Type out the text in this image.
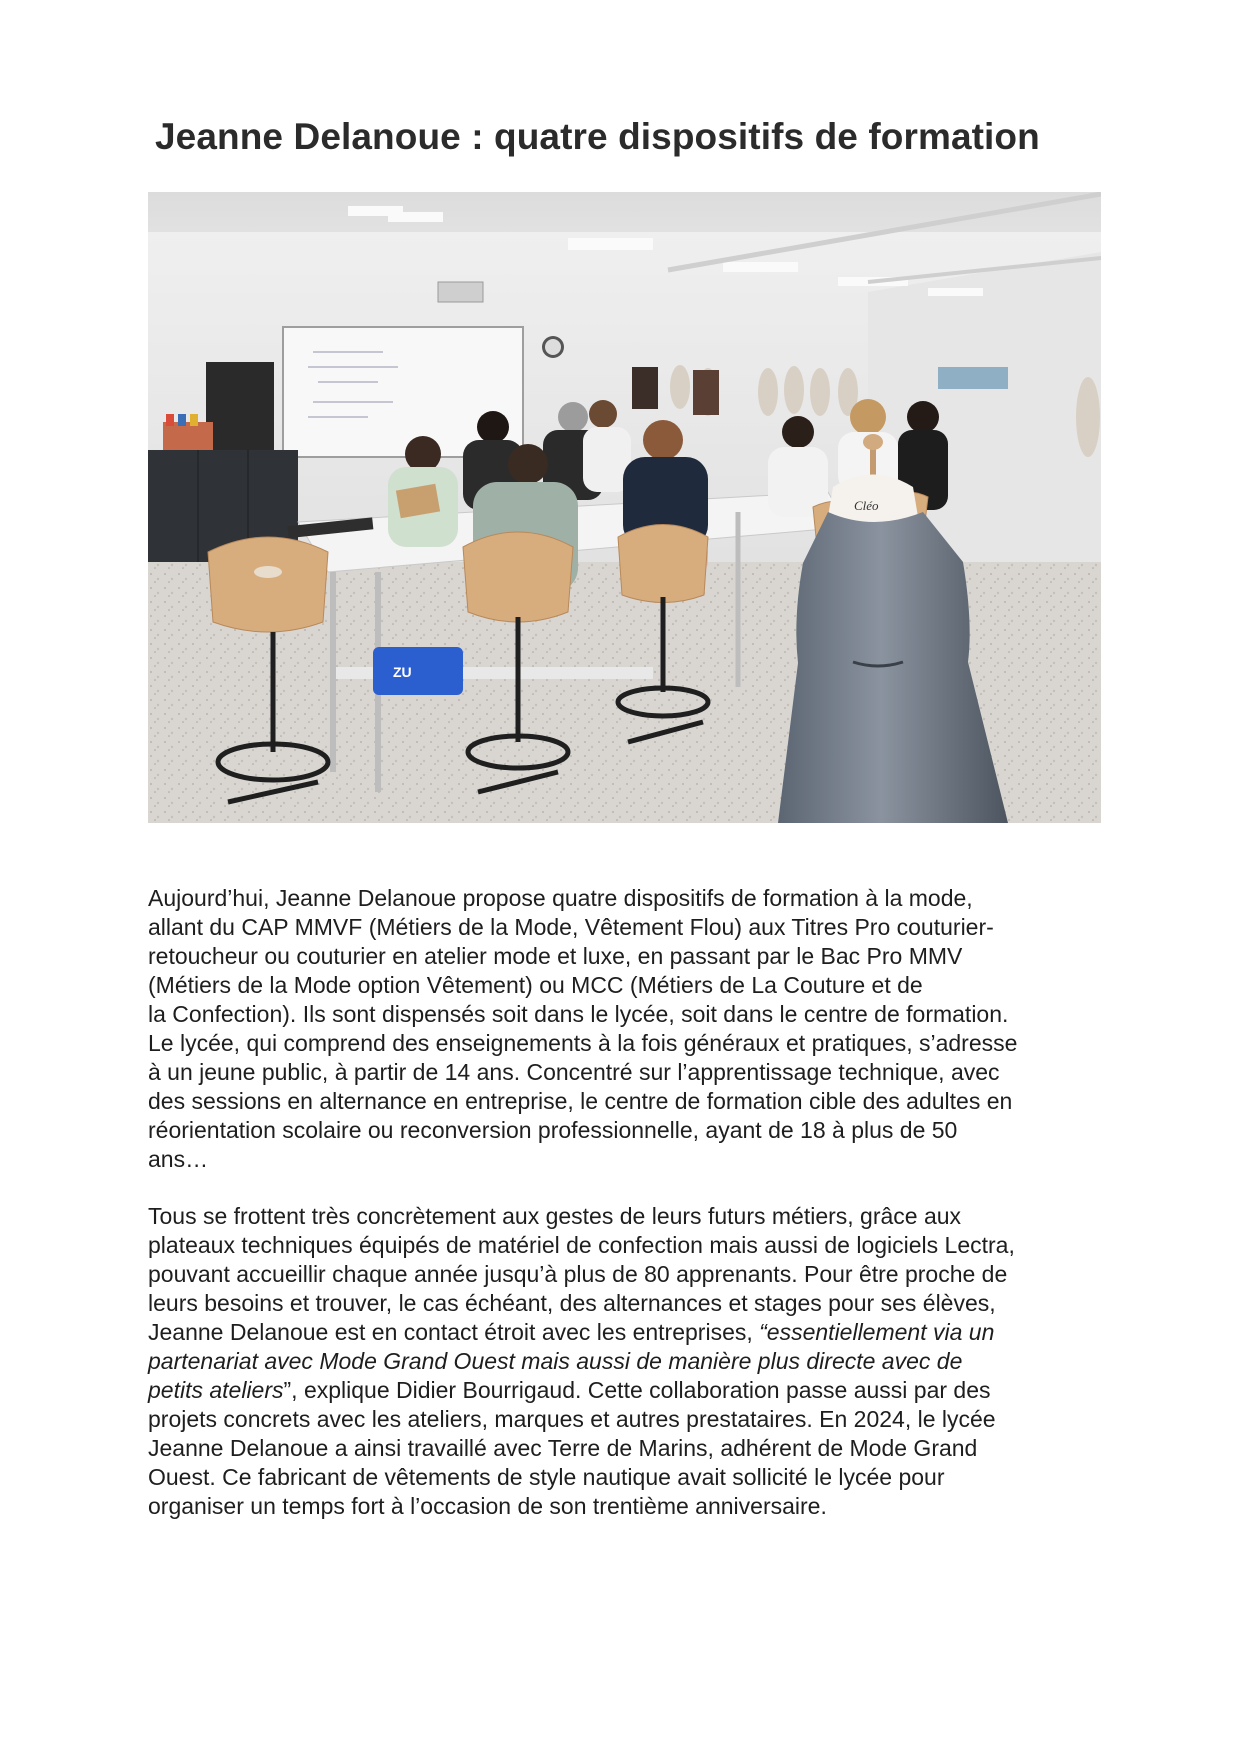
Jeanne Delanoue : quatre dispositifs de formation
ZU
Cléo

Aujourd’hui, Jeanne Delanoue propose quatre dispositifs de formation à la mode,
allant du CAP MMVF (Métiers de la Mode, Vêtement Flou) aux Titres Pro couturier-
retoucheur ou couturier en atelier mode et luxe, en passant par le Bac Pro MMV
(Métiers de la Mode option Vêtement) ou MCC (Métiers de La Couture et de
la Confection). Ils sont dispensés soit dans le lycée, soit dans le centre de formation.
Le lycée, qui comprend des enseignements à la fois généraux et pratiques, s’adresse
à un jeune public, à partir de 14 ans. Concentré sur l’apprentissage technique, avec
des sessions en alternance en entreprise, le centre de formation cible des adultes en
réorientation scolaire ou reconversion professionnelle, ayant de 18 à plus de 50
ans…

Tous se frottent très concrètement aux gestes de leurs futurs métiers, grâce aux
plateaux techniques équipés de matériel de confection mais aussi de logiciels Lectra,
pouvant accueillir chaque année jusqu’à plus de 80 apprenants. Pour être proche de
leurs besoins et trouver, le cas échéant, des alternances et stages pour ses élèves,
Jeanne Delanoue est en contact étroit avec les entreprises, “essentiellement via un
partenariat avec Mode Grand Ouest mais aussi de manière plus directe avec de
petits ateliers”, explique Didier Bourrigaud. Cette collaboration passe aussi par des
projets concrets avec les ateliers, marques et autres prestataires. En 2024, le lycée
Jeanne Delanoue a ainsi travaillé avec Terre de Marins, adhérent de Mode Grand
Ouest. Ce fabricant de vêtements de style nautique avait sollicité le lycée pour
organiser un temps fort à l’occasion de son trentième anniversaire.
